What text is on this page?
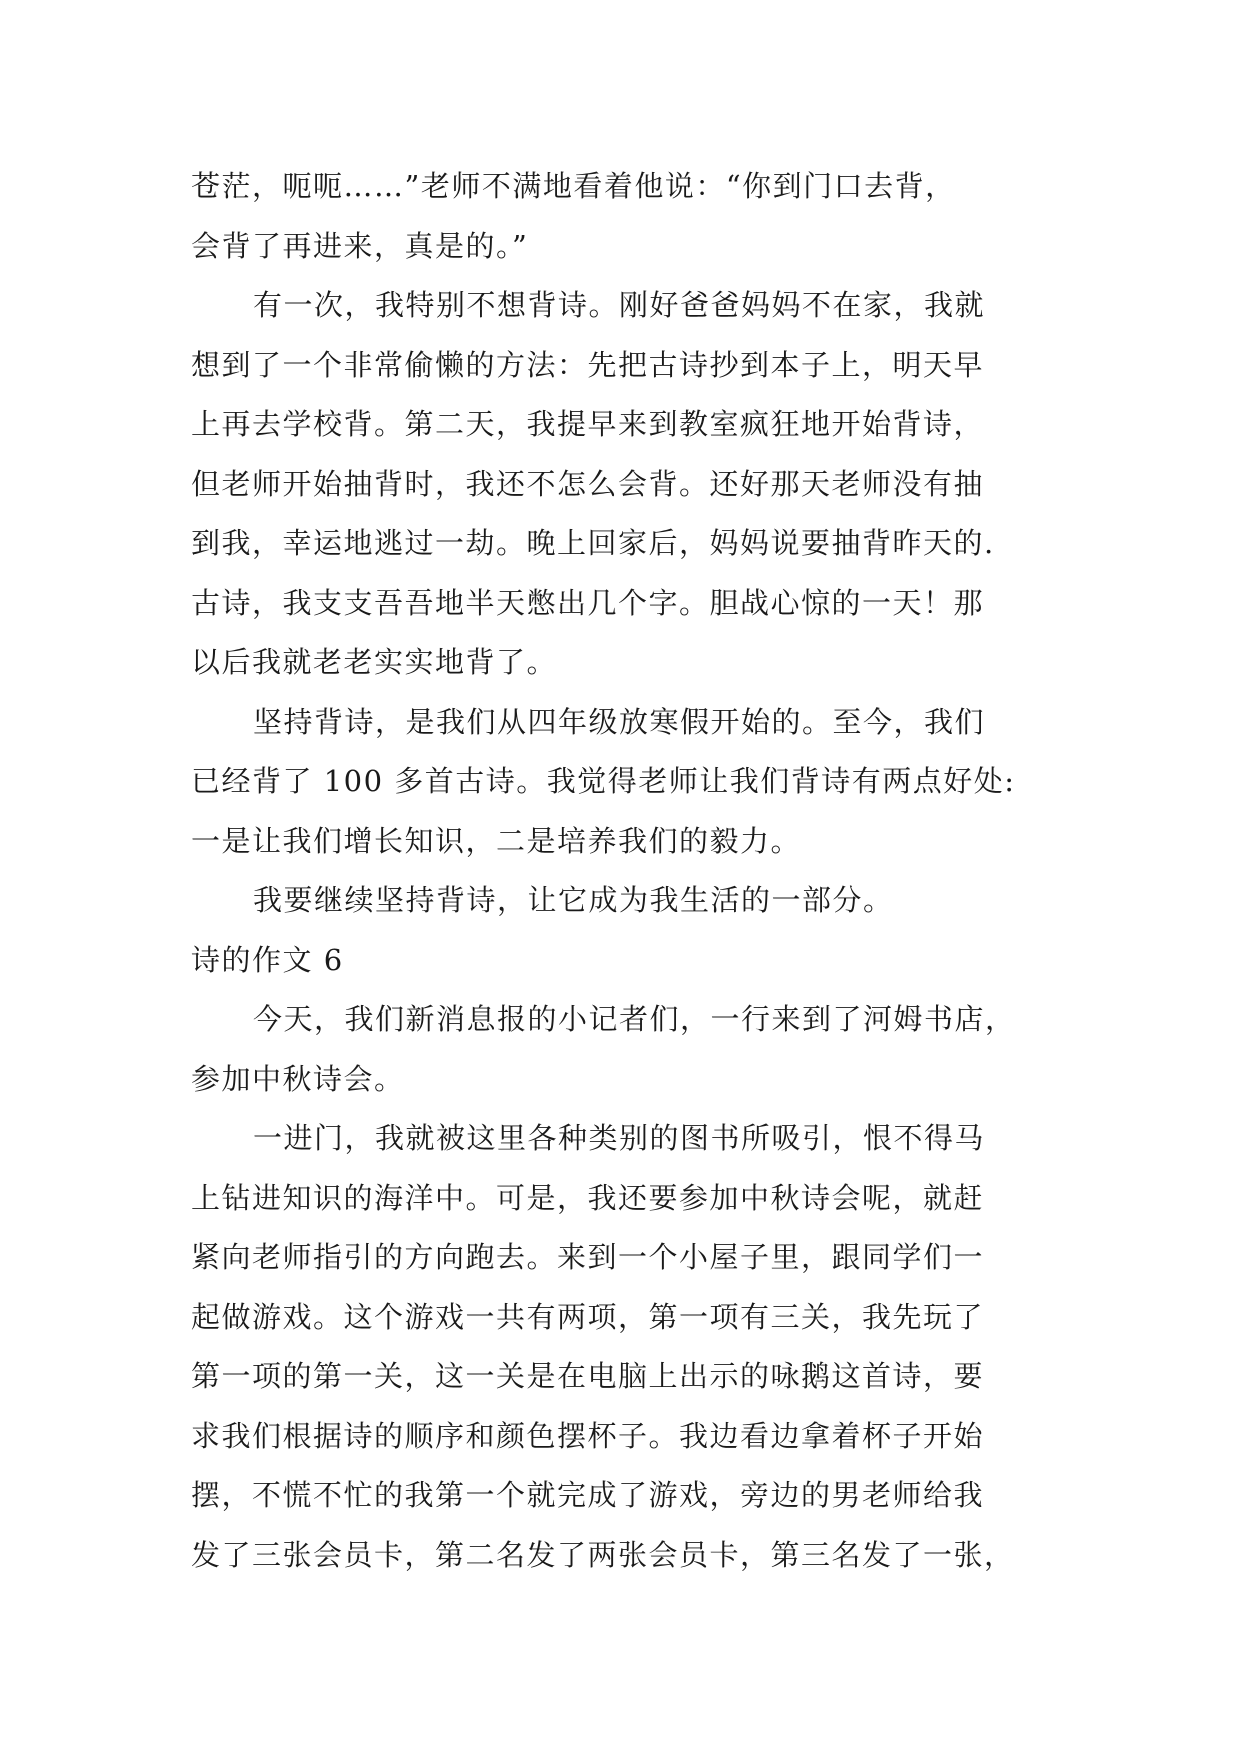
苍茫，呃呃……”老师不满地看着他说：“你到门口去背，
会背了再进来，真是的。”
有一次，我特别不想背诗。刚好爸爸妈妈不在家，我就
想到了一个非常偷懒的方法：先把古诗抄到本子上，明天早
上再去学校背。第二天，我提早来到教室疯狂地开始背诗，
但老师开始抽背时，我还不怎么会背。还好那天老师没有抽
到我，幸运地逃过一劫。晚上回家后，妈妈说要抽背昨天的.
古诗，我支支吾吾地半天憋出几个字。胆战心惊的一天！那
以后我就老老实实地背了。
坚持背诗，是我们从四年级放寒假开始的。至今，我们
已经背了 100 多首古诗。我觉得老师让我们背诗有两点好处:
一是让我们增长知识，二是培养我们的毅力。
我要继续坚持背诗，让它成为我生活的一部分。
诗的作文 6
今天，我们新消息报的小记者们，一行来到了河姆书店，
参加中秋诗会。
一进门，我就被这里各种类别的图书所吸引，恨不得马
上钻进知识的海洋中。可是，我还要参加中秋诗会呢，就赶
紧向老师指引的方向跑去。来到一个小屋子里，跟同学们一
起做游戏。这个游戏一共有两项，第一项有三关，我先玩了
第一项的第一关，这一关是在电脑上出示的咏鹅这首诗，要
求我们根据诗的顺序和颜色摆杯子。我边看边拿着杯子开始
摆，不慌不忙的我第一个就完成了游戏，旁边的男老师给我
发了三张会员卡，第二名发了两张会员卡，第三名发了一张，
